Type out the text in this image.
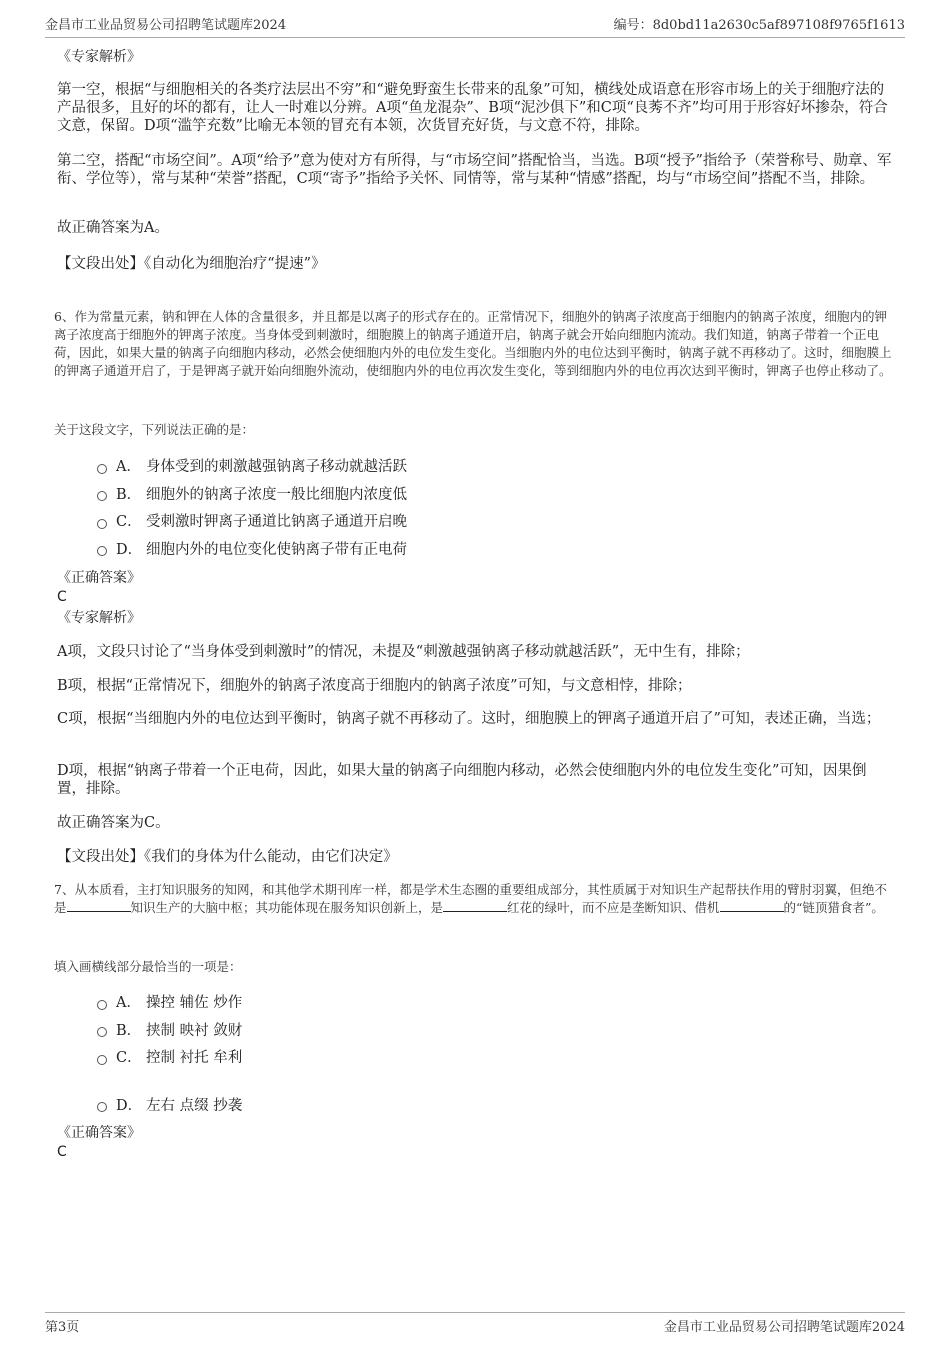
金昌市工业品贸易公司招聘笔试题库2024	编号：8d0bd11a2630c5af897108f9765f1613

《专家解析》

第一空，根据“与细胞相关的各类疗法层出不穷”和“避免野蛮生长带来的乱象”可知，横线处成语意在形容市场上的关于细胞疗法的产品很多，且好的坏的都有，让人一时难以分辨。A项“鱼龙混杂”、B项“泥沙俱下”和C项“良莠不齐”均可用于形容好坏掺杂，符合文意，保留。D项“滥竽充数”比喻无本领的冒充有本领，次货冒充好货，与文意不符，排除。

第二空，搭配“市场空间”。A项“给予”意为使对方有所得，与“市场空间”搭配恰当，当选。B项“授予”指给予（荣誉称号、勋章、军衔、学位等），常与某种“荣誉”搭配，C项“寄予”指给予关怀、同情等，常与某种“情感”搭配，均与“市场空间”搭配不当，排除。

故正确答案为A。

【文段出处】《自动化为细胞治疗“提速”》

6、作为常量元素，钠和钾在人体的含量很多，并且都是以离子的形式存在的。正常情况下，细胞外的钠离子浓度高于细胞内的钠离子浓度，细胞内的钾离子浓度高于细胞外的钾离子浓度。当身体受到刺激时，细胞膜上的钠离子通道开启，钠离子就会开始向细胞内流动。我们知道，钠离子带着一个正电荷，因此，如果大量的钠离子向细胞内移动，必然会使细胞内外的电位发生变化。当细胞内外的电位达到平衡时，钠离子就不再移动了。这时，细胞膜上的钾离子通道开启了，于是钾离子就开始向细胞外流动，使细胞内外的电位再次发生变化，等到细胞内外的电位再次达到平衡时，钾离子也停止移动了。

关于这段文字，下列说法正确的是：

A． 身体受到的刺激越强钠离子移动就越活跃
B． 细胞外的钠离子浓度一般比细胞内浓度低
C． 受刺激时钾离子通道比钠离子通道开启晚
D． 细胞内外的电位变化使钠离子带有正电荷

《正确答案》

C

《专家解析》

A项，文段只讨论了“当身体受到刺激时”的情况，未提及“刺激越强钠离子移动就越活跃”，无中生有，排除；

B项，根据“正常情况下，细胞外的钠离子浓度高于细胞内的钠离子浓度”可知，与文意相悖，排除；

C项，根据“当细胞内外的电位达到平衡时，钠离子就不再移动了。这时，细胞膜上的钾离子通道开启了”可知，表述正确，当选；

D项，根据“钠离子带着一个正电荷，因此，如果大量的钠离子向细胞内移动，必然会使细胞内外的电位发生变化”可知，因果倒置，排除。

故正确答案为C。

【文段出处】《我们的身体为什么能动，由它们决定》

7、从本质看，主打知识服务的知网，和其他学术期刊库一样，都是学术生态圈的重要组成部分，其性质属于对知识生产起帮扶作用的臂肘羽翼，但绝不是	知识生产的大脑中枢；其功能体现在服务知识创新上，是	红花的绿叶，而不应是垄断知识、借机	的“链顶猎食者”。

填入画横线部分最恰当的一项是：

A． 操控 辅佐 炒作
B． 挟制 映衬 敛财
C． 控制 衬托 牟利
D． 左右 点缀 抄袭

《正确答案》

C

第3页	金昌市工业品贸易公司招聘笔试题库2024
